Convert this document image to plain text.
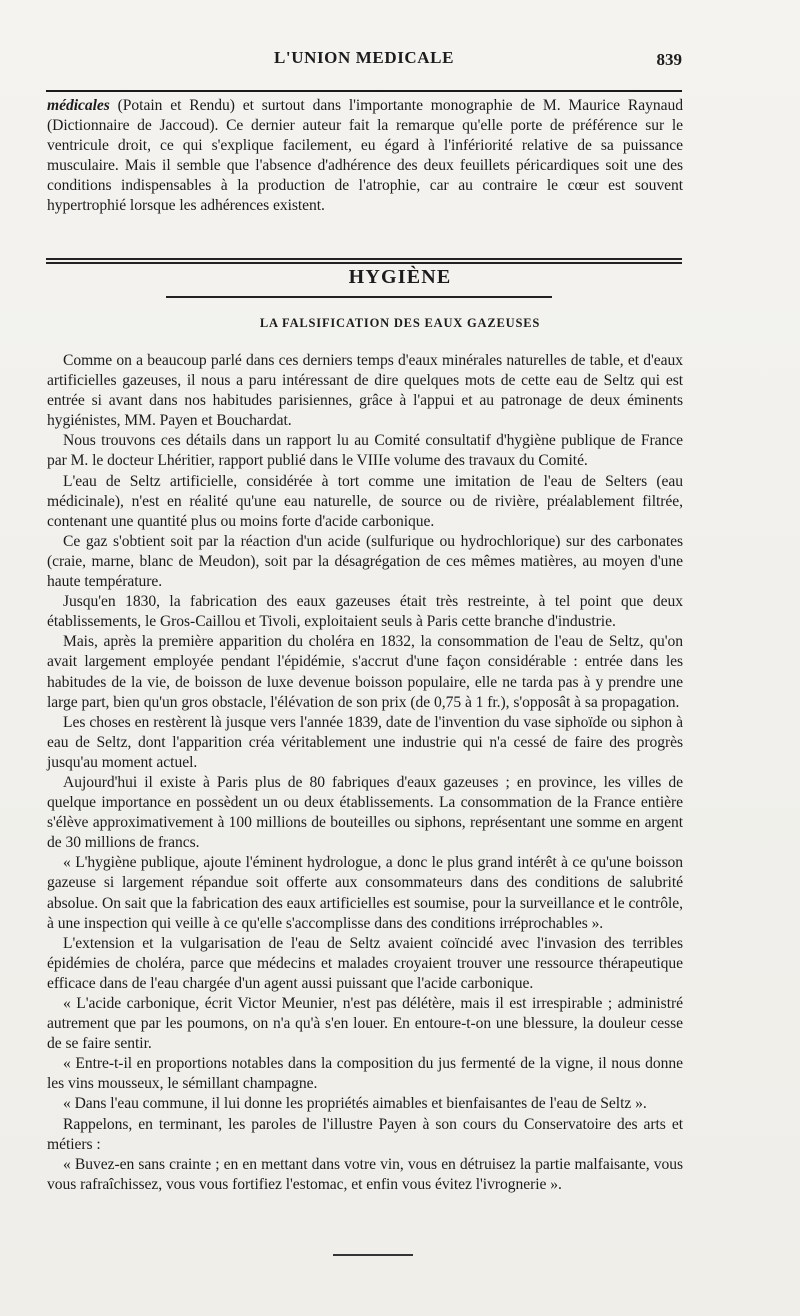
L'UNION MEDICALE	839

médicales (Potain et Rendu) et surtout dans l'importante monographie de M. Maurice Raynaud (Dictionnaire de Jaccoud). Ce dernier auteur fait la remarque qu'elle porte de préférence sur le ventricule droit, ce qui s'explique facilement, eu égard à l'infériorité relative de sa puissance musculaire. Mais il semble que l'absence d'adhérence des deux feuillets péricardiques soit une des conditions indispensables à la production de l'atrophie, car au contraire le cœur est souvent hypertrophié lorsque les adhérences existent.

HYGIÈNE
LA FALSIFICATION DES EAUX GAZEUSES

Comme on a beaucoup parlé dans ces derniers temps d'eaux minérales naturelles de table, et d'eaux artificielles gazeuses, il nous a paru intéressant de dire quelques mots de cette eau de Seltz qui est entrée si avant dans nos habitudes parisiennes, grâce à l'appui et au patronage de deux éminents hygiénistes, MM. Payen et Bouchardat.

Nous trouvons ces détails dans un rapport lu au Comité consultatif d'hygiène publique de France par M. le docteur Lhéritier, rapport publié dans le VIIIe volume des travaux du Comité.

L'eau de Seltz artificielle, considérée à tort comme une imitation de l'eau de Selters (eau médicinale), n'est en réalité qu'une eau naturelle, de source ou de rivière, préalablement filtrée, contenant une quantité plus ou moins forte d'acide carbonique.

Ce gaz s'obtient soit par la réaction d'un acide (sulfurique ou hydrochlorique) sur des carbonates (craie, marne, blanc de Meudon), soit par la désagrégation de ces mêmes matières, au moyen d'une haute température.

Jusqu'en 1830, la fabrication des eaux gazeuses était très restreinte, à tel point que deux établissements, le Gros-Caillou et Tivoli, exploitaient seuls à Paris cette branche d'industrie.

Mais, après la première apparition du choléra en 1832, la consommation de l'eau de Seltz, qu'on avait largement employée pendant l'épidémie, s'accrut d'une façon considérable : entrée dans les habitudes de la vie, de boisson de luxe devenue boisson populaire, elle ne tarda pas à y prendre une large part, bien qu'un gros obstacle, l'élévation de son prix (de 0,75 à 1 fr.), s'opposât à sa propagation.

Les choses en restèrent là jusque vers l'année 1839, date de l'invention du vase siphoïde ou siphon à eau de Seltz, dont l'apparition créa véritablement une industrie qui n'a cessé de faire des progrès jusqu'au moment actuel.

Aujourd'hui il existe à Paris plus de 80 fabriques d'eaux gazeuses ; en province, les villes de quelque importance en possèdent un ou deux établissements. La consommation de la France entière s'élève approximativement à 100 millions de bouteilles ou siphons, représentant une somme en argent de 30 millions de francs.

« L'hygiène publique, ajoute l'éminent hydrologue, a donc le plus grand intérêt à ce qu'une boisson gazeuse si largement répandue soit offerte aux consommateurs dans des conditions de salubrité absolue. On sait que la fabrication des eaux artificielles est soumise, pour la surveillance et le contrôle, à une inspection qui veille à ce qu'elle s'accomplisse dans des conditions irréprochables ».

L'extension et la vulgarisation de l'eau de Seltz avaient coïncidé avec l'invasion des terribles épidémies de choléra, parce que médecins et malades croyaient trouver une ressource thérapeutique efficace dans de l'eau chargée d'un agent aussi puissant que l'acide carbonique.

« L'acide carbonique, écrit Victor Meunier, n'est pas délétère, mais il est irrespirable ; administré autrement que par les poumons, on n'a qu'à s'en louer. En entoure-t-on une blessure, la douleur cesse de se faire sentir.

« Entre-t-il en proportions notables dans la composition du jus fermenté de la vigne, il nous donne les vins mousseux, le sémillant champagne.

« Dans l'eau commune, il lui donne les propriétés aimables et bienfaisantes de l'eau de Seltz ».

Rappelons, en terminant, les paroles de l'illustre Payen à son cours du Conservatoire des arts et métiers :

« Buvez-en sans crainte ; en en mettant dans votre vin, vous en détruisez la partie malfaisante, vous vous rafraîchissez, vous vous fortifiez l'estomac, et enfin vous évitez l'ivrognerie ».
